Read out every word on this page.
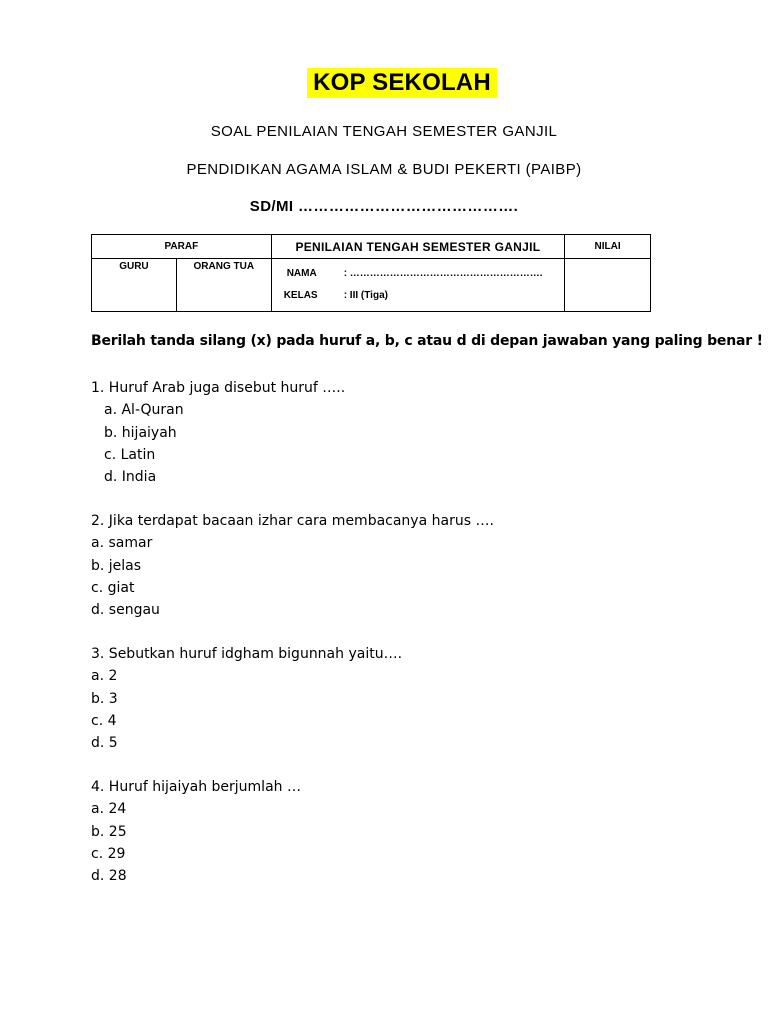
KOP SEKOLAH
SOAL PENILAIAN TENGAH SEMESTER GANJIL
PENDIDIKAN AGAMA ISLAM & BUDI PEKERTI (PAIBP)
SD/MI …………………………………….
PARAF		PENILAIAN TENGAH SEMESTER GANJIL	NILAI
GURU	ORANG TUA	NAMA : ………………………………………………….
KELAS : III (Tiga)	

Berilah tanda silang (x) pada huruf a, b, c atau d di depan jawaban yang paling benar !
1. Huruf Arab juga disebut huruf …..
a. Al-Quran
b. hijaiyah
c. Latin
d. India
2. Jika terdapat bacaan izhar cara membacanya harus ….
a. samar
b. jelas
c. giat
d. sengau
3. Sebutkan huruf idgham bigunnah yaitu….
a. 2
b. 3
c. 4
d. 5
4. Huruf hijaiyah berjumlah …
a. 24
b. 25
c. 29
d. 28
